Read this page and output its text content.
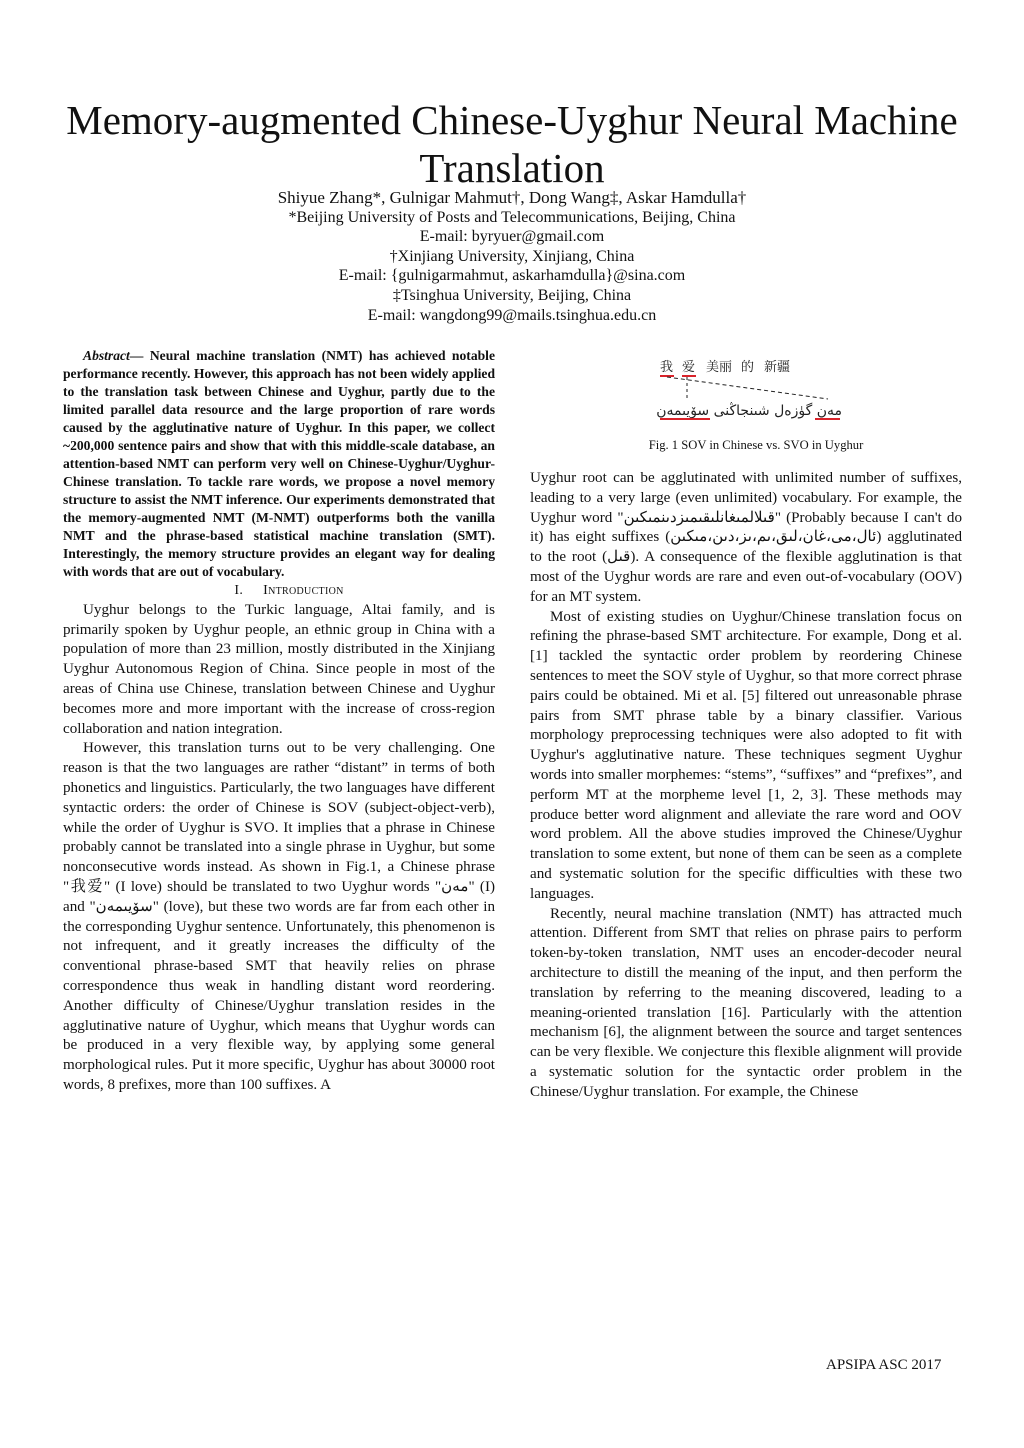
Memory-augmented Chinese-Uyghur Neural Machine Translation
Shiyue Zhang*, Gulnigar Mahmut†, Dong Wang‡, Askar Hamdulla†
*Beijing University of Posts and Telecommunications, Beijing, China
E-mail: byryuer@gmail.com
†Xinjiang University, Xinjiang, China
E-mail: {gulnigarmahmut, askarhamdulla}@sina.com
‡Tsinghua University, Beijing, China
E-mail: wangdong99@mails.tsinghua.edu.cn

Abstract— Neural machine translation (NMT) has achieved notable performance recently. However, this approach has not been widely applied to the translation task between Chinese and Uyghur, partly due to the limited parallel data resource and the large proportion of rare words caused by the agglutinative nature of Uyghur. In this paper, we collect ~200,000 sentence pairs and show that with this middle-scale database, an attention-based NMT can perform very well on Chinese-Uyghur/Uyghur-Chinese translation. To tackle rare words, we propose a novel memory structure to assist the NMT inference. Our experiments demonstrated that the memory-augmented NMT (M-NMT) outperforms both the vanilla NMT and the phrase-based statistical machine translation (SMT). Interestingly, the memory structure provides an elegant way for dealing with words that are out of vocabulary.

I. Introduction

Uyghur belongs to the Turkic language, Altai family, and is primarily spoken by Uyghur people, an ethnic group in China with a population of more than 23 million, mostly distributed in the Xinjiang Uyghur Autonomous Region of China. Since people in most of the areas of China use Chinese, translation between Chinese and Uyghur becomes more and more important with the increase of cross-region collaboration and nation integration.

However, this translation turns out to be very challenging. One reason is that the two languages are rather “distant” in terms of both phonetics and linguistics. Particularly, the two languages have different syntactic orders: the order of Chinese is SOV (subject-object-verb), while the order of Uyghur is SVO. It implies that a phrase in Chinese probably cannot be translated into a single phrase in Uyghur, but some nonconsecutive words instead. As shown in Fig.1, a Chinese phrase "我爱" (I love) should be translated to two Uyghur words "مەن" (I) and "سۆيىمەن" (love), but these two words are far from each other in the corresponding Uyghur sentence. Unfortunately, this phenomenon is not infrequent, and it greatly increases the difficulty of the conventional phrase-based SMT that heavily relies on phrase correspondence thus weak in handling distant word reordering. Another difficulty of Chinese/Uyghur translation resides in the agglutinative nature of Uyghur, which means that Uyghur words can be produced in a very flexible way, by applying some general morphological rules. Put it more specific, Uyghur has about 30000 root words, 8 prefixes, more than 100 suffixes. A

我 爱 美丽 的 新疆
مەن گۈزەل شىنجاڭنى سۆيىمەن

Fig. 1 SOV in Chinese vs. SVO in Uyghur

Uyghur root can be agglutinated with unlimited number of suffixes, leading to a very large (even unlimited) vocabulary. For example, the Uyghur word "قىلالمىغانلىقىمىزدىنمىكىن" (Probably because I can't do it) has eight suffixes (ئال،مى،غان،لىق،ىم،ىز،دىن،مىكىن) agglutinated to the root (قىل). A consequence of the flexible agglutination is that most of the Uyghur words are rare and even out-of-vocabulary (OOV) for an MT system.

Most of existing studies on Uyghur/Chinese translation focus on refining the phrase-based SMT architecture. For example, Dong et al. [1] tackled the syntactic order problem by reordering Chinese sentences to meet the SOV style of Uyghur, so that more correct phrase pairs could be obtained. Mi et al. [5] filtered out unreasonable phrase pairs from SMT phrase table by a binary classifier. Various morphology preprocessing techniques were also adopted to fit with Uyghur's agglutinative nature. These techniques segment Uyghur words into smaller morphemes: “stems”, “suffixes” and “prefixes”, and perform MT at the morpheme level [1, 2, 3]. These methods may produce better word alignment and alleviate the rare word and OOV word problem. All the above studies improved the Chinese/Uyghur translation to some extent, but none of them can be seen as a complete and systematic solution for the specific difficulties with these two languages.

Recently, neural machine translation (NMT) has attracted much attention. Different from SMT that relies on phrase pairs to perform token-by-token translation, NMT uses an encoder-decoder neural architecture to distill the meaning of the input, and then perform the translation by referring to the meaning discovered, leading to a meaning-oriented translation [16]. Particularly with the attention mechanism [6], the alignment between the source and target sentences can be very flexible. We conjecture this flexible alignment will provide a systematic solution for the syntactic order problem in the Chinese/Uyghur translation. For example, the Chinese

APSIPA ASC 2017
